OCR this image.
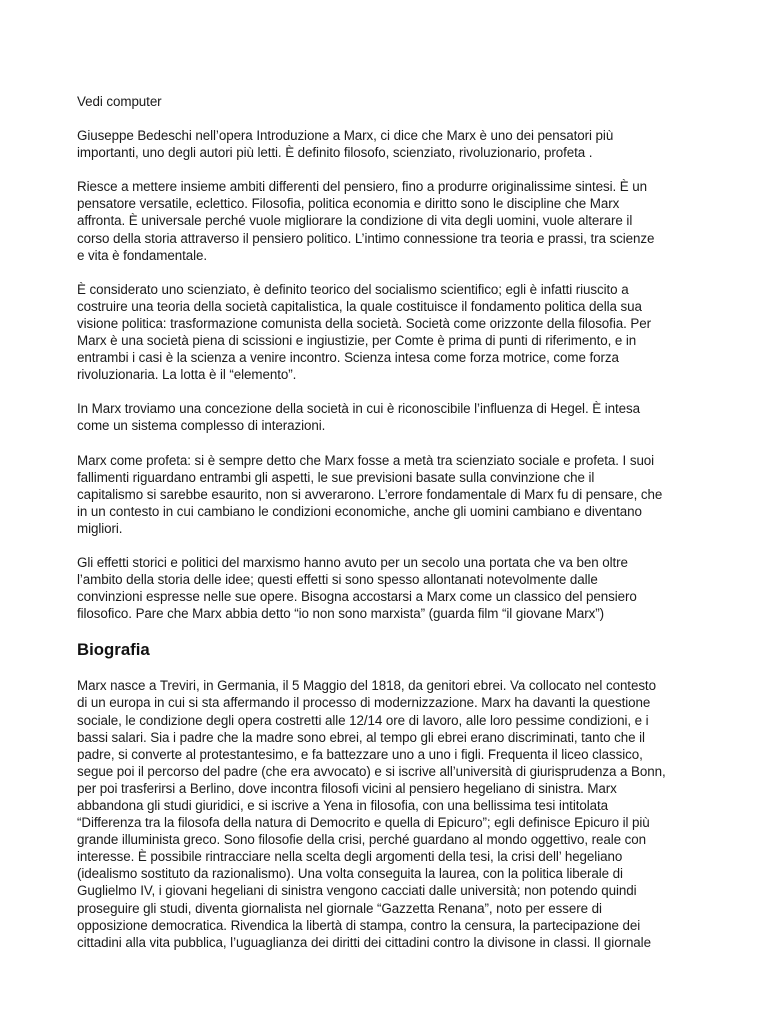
Vedi computer

Giuseppe Bedeschi nell’opera Introduzione a Marx, ci dice che Marx è uno dei pensatori più
importanti, uno degli autori più letti. È definito filosofo, scienziato, rivoluzionario, profeta .

Riesce a mettere insieme ambiti differenti del pensiero, fino a produrre originalissime sintesi. È un
pensatore versatile, eclettico. Filosofia, politica economia e diritto sono le discipline che Marx
affronta. È universale perché vuole migliorare la condizione di vita degli uomini, vuole alterare il
corso della storia attraverso il pensiero politico. L’intimo connessione tra teoria e prassi, tra scienze
e vita è fondamentale.

È considerato uno scienziato, è definito teorico del socialismo scientifico; egli è infatti riuscito a
costruire una teoria della società capitalistica, la quale costituisce il fondamento politica della sua
visione politica: trasformazione comunista della società. Società come orizzonte della filosofia. Per
Marx è una società piena di scissioni e ingiustizie, per Comte è prima di punti di riferimento, e in
entrambi i casi è la scienza a venire incontro. Scienza intesa come forza motrice, come forza
rivoluzionaria. La lotta è il “elemento”.

In Marx troviamo una concezione della società in cui è riconoscibile l’influenza di Hegel. È intesa
come un sistema complesso di interazioni.

Marx come profeta: si è sempre detto che Marx fosse a metà tra scienziato sociale e profeta. I suoi
fallimenti riguardano entrambi gli aspetti, le sue previsioni basate sulla convinzione che il
capitalismo si sarebbe esaurito, non si avverarono. L’errore fondamentale di Marx fu di pensare, che
in un contesto in cui cambiano le condizioni economiche, anche gli uomini cambiano e diventano
migliori.

Gli effetti storici e politici del marxismo hanno avuto per un secolo una portata che va ben oltre
l’ambito della storia delle idee; questi effetti si sono spesso allontanati notevolmente dalle
convinzioni espresse nelle sue opere. Bisogna accostarsi a Marx come un classico del pensiero
filosofico. Pare che Marx abbia detto “io non sono marxista” (guarda film “il giovane Marx”)

Biografia

Marx nasce a Treviri, in Germania, il 5 Maggio del 1818, da genitori ebrei. Va collocato nel contesto
di un europa in cui si sta affermando il processo di modernizzazione. Marx ha davanti la questione
sociale, le condizione degli opera costretti alle 12/14 ore di lavoro, alle loro pessime condizioni, e i
bassi salari. Sia i padre che la madre sono ebrei, al tempo gli ebrei erano discriminati, tanto che il
padre, si converte al protestantesimo, e fa battezzare uno a uno i figli. Frequenta il liceo classico,
segue poi il percorso del padre (che era avvocato) e si iscrive all’università di giurisprudenza a Bonn,
per poi trasferirsi a Berlino, dove incontra filosofi vicini al pensiero hegeliano di sinistra. Marx
abbandona gli studi giuridici, e si iscrive a Yena in filosofia, con una bellissima tesi intitolata
“Differenza tra la filosofa della natura di Democrito e quella di Epicuro”; egli definisce Epicuro il più
grande illuminista greco. Sono filosofie della crisi, perché guardano al mondo oggettivo, reale con
interesse. È possibile rintracciare nella scelta degli argomenti della tesi, la crisi dell’ hegeliano
(idealismo sostituto da razionalismo). Una volta conseguita la laurea, con la politica liberale di
Guglielmo IV, i giovani hegeliani di sinistra vengono cacciati dalle università; non potendo quindi
proseguire gli studi, diventa giornalista nel giornale “Gazzetta Renana”, noto per essere di
opposizione democratica. Rivendica la libertà di stampa, contro la censura, la partecipazione dei
cittadini alla vita pubblica, l’uguaglianza dei diritti dei cittadini contro la divisone in classi. Il giornale
